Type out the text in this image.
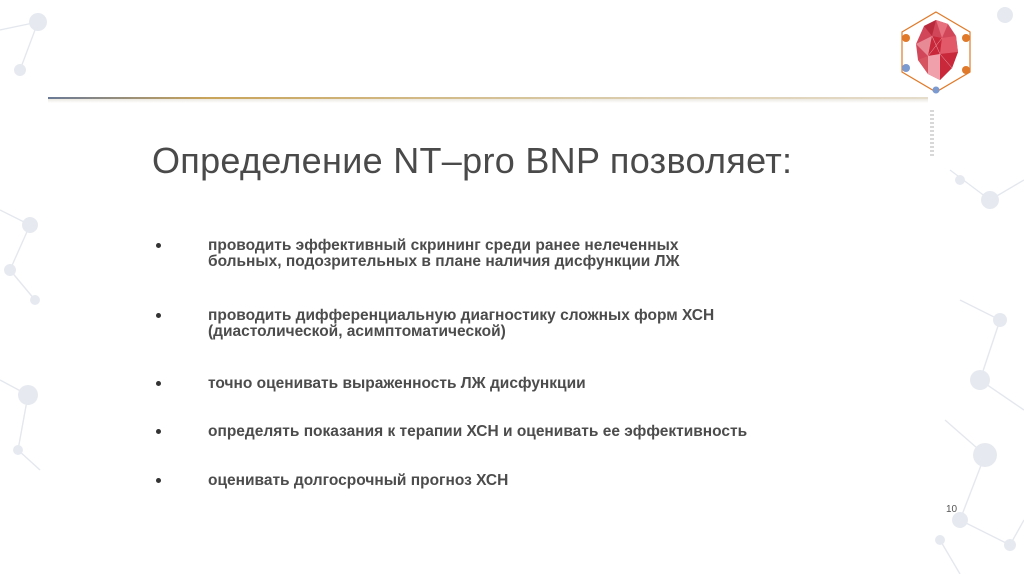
Определение NT–pro BNP позволяет:
проводить эффективный скрининг среди ранее нелеченных
больных, подозрительных в плане наличия дисфункции ЛЖ
проводить дифференциальную диагностику сложных форм ХСН
(диастолической, асимптоматической)
точно оценивать выраженность ЛЖ дисфункции
определять показания к терапии ХСН и оценивать ее эффективность
оценивать долгосрочный прогноз ХСН
10
